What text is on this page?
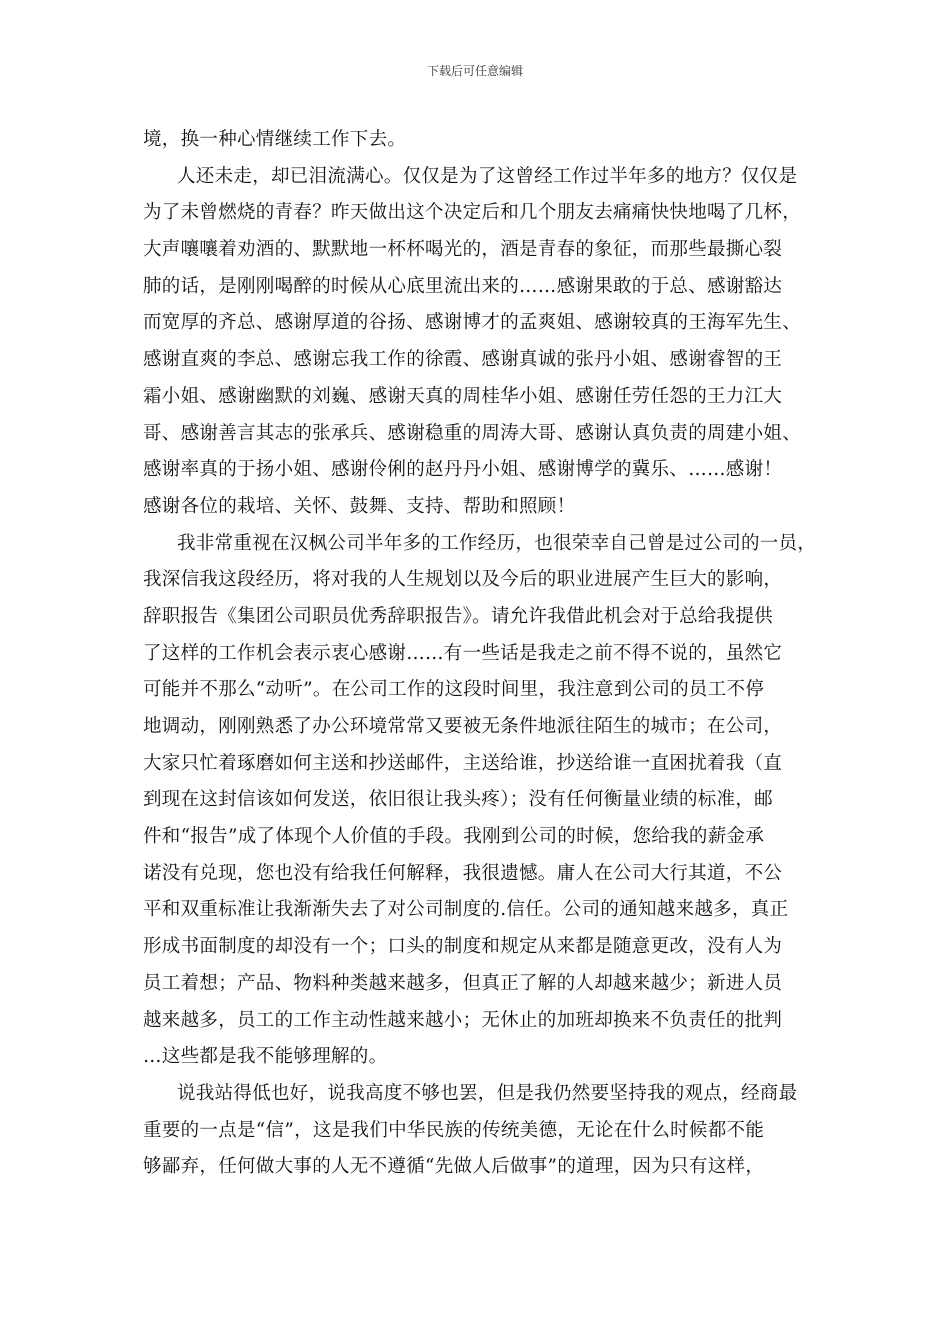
下载后可任意编辑
境，换一种心情继续工作下去。
人还未走，却已泪流满心。仅仅是为了这曾经工作过半年多的地方？仅仅是
为了未曾燃烧的青春？昨天做出这个决定后和几个朋友去痛痛快快地喝了几杯，
大声嚷嚷着劝酒的、默默地一杯杯喝光的，酒是青春的象征，而那些最撕心裂
肺的话，是刚刚喝醉的时候从心底里流出来的……感谢果敢的于总、感谢豁达
而宽厚的齐总、感谢厚道的谷扬、感谢博才的孟爽姐、感谢较真的王海军先生、
感谢直爽的李总、感谢忘我工作的徐霞、感谢真诚的张丹小姐、感谢睿智的王
霜小姐、感谢幽默的刘巍、感谢天真的周桂华小姐、感谢任劳任怨的王力江大
哥、感谢善言其志的张承兵、感谢稳重的周涛大哥、感谢认真负责的周建小姐、
感谢率真的于扬小姐、感谢伶俐的赵丹丹小姐、感谢博学的冀乐、……感谢！
感谢各位的栽培、关怀、鼓舞、支持、帮助和照顾！
我非常重视在汉枫公司半年多的工作经历，也很荣幸自己曾是过公司的一员，
我深信我这段经历，将对我的人生规划以及今后的职业进展产生巨大的影响，
辞职报告《集团公司职员优秀辞职报告》。请允许我借此机会对于总给我提供
了这样的工作机会表示衷心感谢……有一些话是我走之前不得不说的，虽然它
可能并不那么“动听”。在公司工作的这段时间里，我注意到公司的员工不停
地调动，刚刚熟悉了办公环境常常又要被无条件地派往陌生的城市；在公司，
大家只忙着琢磨如何主送和抄送邮件，主送给谁，抄送给谁一直困扰着我（直
到现在这封信该如何发送，依旧很让我头疼）；没有任何衡量业绩的标准，邮
件和“报告”成了体现个人价值的手段。我刚到公司的时候，您给我的薪金承
诺没有兑现，您也没有给我任何解释，我很遗憾。庸人在公司大行其道，不公
平和双重标准让我渐渐失去了对公司制度的.信任。公司的通知越来越多，真正
形成书面制度的却没有一个；口头的制度和规定从来都是随意更改，没有人为
员工着想；产品、物料种类越来越多，但真正了解的人却越来越少；新进人员
越来越多，员工的工作主动性越来越小；无休止的加班却换来不负责任的批判
…这些都是我不能够理解的。
说我站得低也好，说我高度不够也罢，但是我仍然要坚持我的观点，经商最
重要的一点是“信”，这是我们中华民族的传统美德，无论在什么时候都不能
够鄙弃，任何做大事的人无不遵循“先做人后做事”的道理，因为只有这样，
